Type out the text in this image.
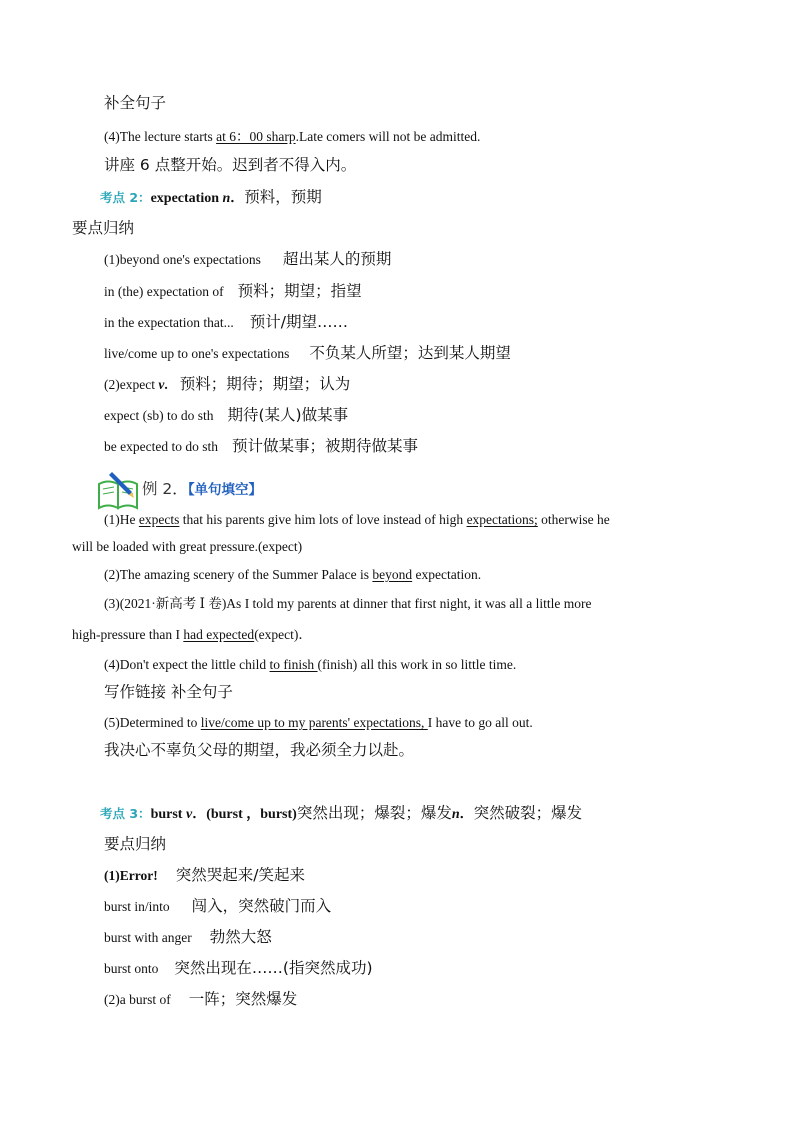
补全句子
(4)The lecture starts at 6：00 sharp.Late comers will not be admitted.
讲座 6 点整开始。迟到者不得入内。
考点 2：expectation n．预料，预期
要点归纳
(1)beyond one's expectations 超出某人的预期
in (the) expectation of 预料；期望；指望
in the expectation that... 预计/期望……
live/come up to one's expectations 不负某人所望；达到某人期望
(2)expect v. 预料；期待；期望；认为
expect (sb) to do sth 期待(某人)做某事
be expected to do sth 预计做某事；被期待做某事
例 2．【单句填空】
(1)He expects that his parents give him lots of love instead of high expectations; otherwise he
will be loaded with great pressure.(expect)
(2)The amazing scenery of the Summer Palace is beyond expectation.
(3)(2021·新高考 Ⅰ 卷)As I told my parents at dinner that first night, it was all a little more
high-pressure than I had expected(expect)．
(4)Don't expect the little child to finish (finish) all this work in so little time.
写作链接 补全句子
(5)Determined to live/come up to my parents' expectations, I have to go all out.
我决心不辜负父母的期望，我必须全力以赴。
考点 3：burst v．(burst ，burst)突然出现；爆裂；爆发n．突然破裂；爆发
要点归纳
(1)Error! 突然哭起来/笑起来
burst in/into 闯入，突然破门而入
burst with anger 勃然大怒
burst onto 突然出现在……(指突然成功)
(2)a burst of 一阵；突然爆发
